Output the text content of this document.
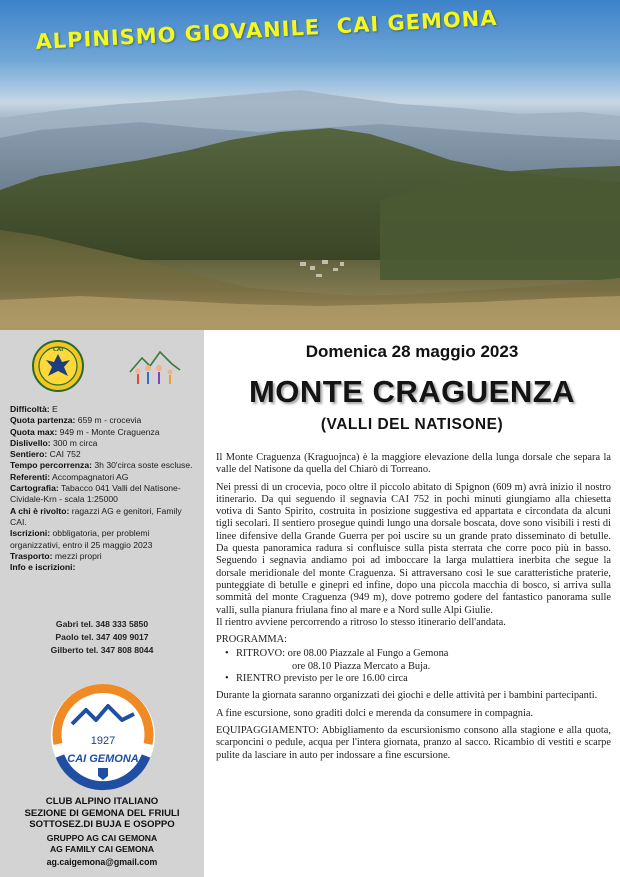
ALPINISMO GIOVANILE  CAI GEMONA
CAI

Difficoltà: E

Quota partenza: 659 m - crocevia

Quota max: 949 m - Monte Craguenza

Dislivello: 300 m circa

Sentiero: CAI 752

Tempo percorrenza: 3h 30'circa soste escluse.

Referenti: Accompagnatori AG

Cartografia: Tabacco 041 Valli del Natisone-Cividale-Krn - scala 1:25000

A chi è rivolto: ragazzi AG e genitori, Family CAI.

Iscrizioni: obbligatoria, per problemi organizzativi, entro il 25 maggio 2023

Trasporto: mezzi propri

Info e iscrizioni:

Gabri tel. 348 333 5850
Paolo tel. 347 409 9017
Gilberto tel. 347 808 8044
1927
CAI GEMONA
CLUB ALPINO ITALIANO
SEZIONE DI GEMONA DEL FRIULI
SOTTOSEZ.DI BUJA E OSOPPO
GRUPPO AG CAI GEMONA
AG FAMILY CAI GEMONA
ag.caigemona@gmail.com
Domenica 28 maggio 2023
MONTE CRAGUENZA
(VALLI DEL NATISONE)

Il Monte Craguenza (Kraguojnca) è la maggiore elevazione della lunga dorsale che separa la valle del Natisone da quella del Chiarò di Torreano.

Nei pressi di un crocevia, poco oltre il piccolo abitato di Spignon (609 m) avrà inizio il nostro itinerario. Da qui seguendo il segnavia CAI 752 in pochi minuti giungiamo alla chiesetta votiva di Santo Spirito, costruita in posizione suggestiva ed appartata e circondata da alcuni tigli secolari. Il sentiero prosegue quindi lungo una dorsale boscata, dove sono visibili i resti di linee difensive della Grande Guerra per poi uscire su un grande prato disseminato di betulle. Da questa panoramica radura si confluisce sulla pista sterrata che corre poco più in basso. Seguendo i segnavia andiamo poi ad imboccare la larga mulattiera inerbita che segue la dorsale meridionale del monte Craguenza. Si attraversano così le sue caratteristiche praterie, punteggiate di betulle e ginepri ed infine, dopo una piccola macchia di bosco, si arriva sulla sommità del monte Craguenza (949 m), dove potremo godere del fantastico panorama sulle valli, sulla pianura friulana fino al mare e a Nord sulle Alpi Giulie.

Il rientro avviene percorrendo a ritroso lo stesso itinerario dell'andata.

PROGRAMMA:

• RITROVO: ore 08.00 Piazzale al Fungo a Gemona
ore 08.10 Piazza Mercato a Buja.
• RIENTRO previsto per le ore 16.00 circa

Durante la giornata saranno organizzati dei giochi e delle attività per i bambini partecipanti.

A fine escursione, sono graditi dolci e merenda da consumere in compagnia.

EQUIPAGGIAMENTO: Abbigliamento da escursionismo consono alla stagione e alla quota, scarponcini o pedule, acqua per l'intera giornata, pranzo al sacco. Ricambio di vestiti e scarpe pulite da lasciare in auto per indossare a fine escursione.
